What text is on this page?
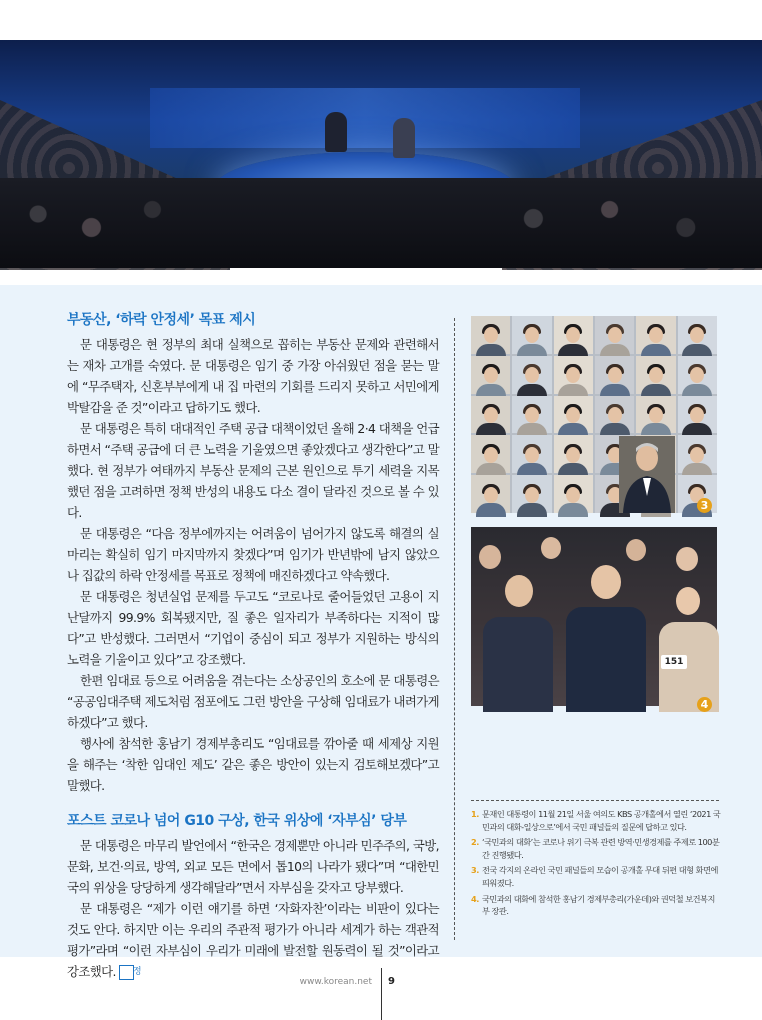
부동산, ‘하락 안정세’ 목표 제시

문 대통령은 현 정부의 최대 실책으로 꼽히는 부동산 문제와 관련해서는 재차 고개를 숙였다. 문 대통령은 임기 중 가장 아쉬웠던 점을 묻는 말에 “무주택자, 신혼부부에게 내 집 마련의 기회를 드리지 못하고 서민에게 박탈감을 준 것”이라고 답하기도 했다.

문 대통령은 특히 대대적인 주택 공급 대책이었던 올해 2·4 대책을 언급하면서 “주택 공급에 더 큰 노력을 기울였으면 좋았겠다고 생각한다”고 말했다. 현 정부가 여태까지 부동산 문제의 근본 원인으로 투기 세력을 지목했던 점을 고려하면 정책 반성의 내용도 다소 결이 달라진 것으로 볼 수 있다.

문 대통령은 “다음 정부에까지는 어려움이 넘어가지 않도록 해결의 실마리는 확실히 임기 마지막까지 찾겠다”며 임기가 반년밖에 남지 않았으나 집값의 하락 안정세를 목표로 정책에 매진하겠다고 약속했다.

문 대통령은 청년실업 문제를 두고도 “코로나로 줄어들었던 고용이 지난달까지 99.9% 회복됐지만, 질 좋은 일자리가 부족하다는 지적이 많다”고 반성했다. 그러면서 “기업이 중심이 되고 정부가 지원하는 방식의 노력을 기울이고 있다”고 강조했다.

한편 임대료 등으로 어려움을 겪는다는 소상공인의 호소에 문 대통령은 “공공임대주택 제도처럼 점포에도 그런 방안을 구상해 임대료가 내려가게 하겠다”고 했다.

행사에 참석한 홍남기 경제부총리도 “임대료를 깎아줄 때 세제상 지원을 해주는 ‘착한 임대인 제도’ 같은 좋은 방안이 있는지 검토해보겠다”고 말했다.

포스트 코로나 넘어 G10 구상, 한국 위상에 ‘자부심’ 당부

문 대통령은 마무리 발언에서 “한국은 경제뿐만 아니라 민주주의, 국방, 문화, 보건·의료, 방역, 외교 모든 면에서 톱10의 나라가 됐다”며 “대한민국의 위상을 당당하게 생각해달라”면서 자부심을 갖자고 당부했다.

문 대통령은 “제가 이런 얘기를 하면 ‘자화자찬’이라는 비판이 있다는 것도 안다. 하지만 이는 우리의 주관적 평가가 아니라 세계가 하는 객관적 평가”라며 “이런 자부심이 우리가 미래에 발전할 원동력이 될 것”이라고 강조했다. 정

3
151
4
1. 문재인 대통령이 11월 21일 서울 여의도 KBS 공개홀에서 열린 ‘2021 국민과의 대화-일상으로’에서 국민 패널들의 질문에 답하고 있다.
2. ‘국민과의 대화’는 코로나 위기 극복 관련 방역·민생경제를 주제로 100분간 진행됐다.
3. 전국 각지의 온라인 국민 패널들의 모습이 공개홀 무대 뒤편 대형 화면에 띄워졌다.
4. 국민과의 대화에 참석한 홍남기 경제부총리(가운데)와 권덕철 보건복지부 장관.
www.korean.net 9
